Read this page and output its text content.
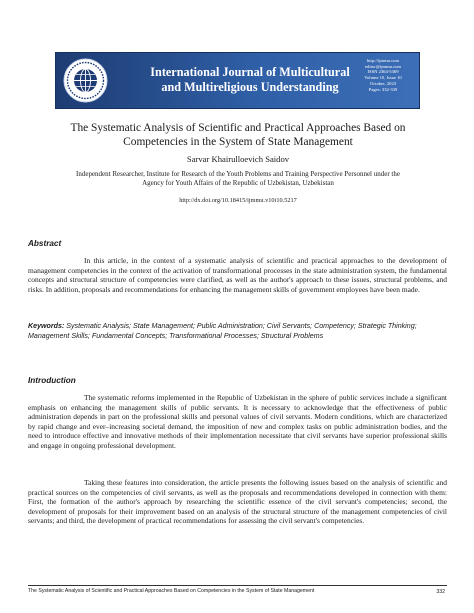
International Journal of Multicultural
and Multireligious Understanding
http://ijmmu.com
editor@ijmmu.com
ISSN 2364-5369
Volume 10, Issue 10
October, 2023
Pages: 332-339
The Systematic Analysis of Scientific and Practical Approaches Based on
Competencies in the System of State Management
Sarvar Khairulloevich Saidov
Independent Researcher, Institute for Research of the Youth Problems and Training Perspective Personnel under the
Agency for Youth Affairs of the Republic of Uzbekistan, Uzbekistan
http://dx.doi.org/10.18415/ijmmu.v10i10.5217
Abstract
In this article, in the context of a systematic analysis of scientific and practical approaches to the development of management competencies in the context of the activation of transformational processes in the state administration system, the fundamental concepts and structural structure of competencies were clarified, as well as the author's approach to these issues, structural problems, and risks. In addition, proposals and recommendations for enhancing the management skills of government employees have been made.
Keywords: Systematic Analysis; State Management; Public Administration; Civil Servants; Competency; Strategic Thinking; Management Skills; Fundamental Concepts; Transformational Processes; Structural Problems
Introduction
The systematic reforms implemented in the Republic of Uzbekistan in the sphere of public services include a significant emphasis on enhancing the management skills of public servants. It is necessary to acknowledge that the effectiveness of public administration depends in part on the professional skills and personal values of civil servants. Modern conditions, which are characterized by rapid change and ever–increasing societal demand, the imposition of new and complex tasks on public administration bodies, and the need to introduce effective and innovative methods of their implementation necessitate that civil servants have superior professional skills and engage in ongoing professional development.
Taking these features into consideration, the article presents the following issues based on the analysis of scientific and practical sources on the competencies of civil servants, as well as the proposals and recommendations developed in connection with them: First, the formation of the author's approach by researching the scientific essence of the civil servant's competencies; second, the development of proposals for their improvement based on an analysis of the structural structure of the management competencies of civil servants; and third, the development of practical recommendations for assessing the civil servant's competencies.
The Systematic Analysis of Scientific and Practical Approaches Based on Competencies in the System of State Management	332
